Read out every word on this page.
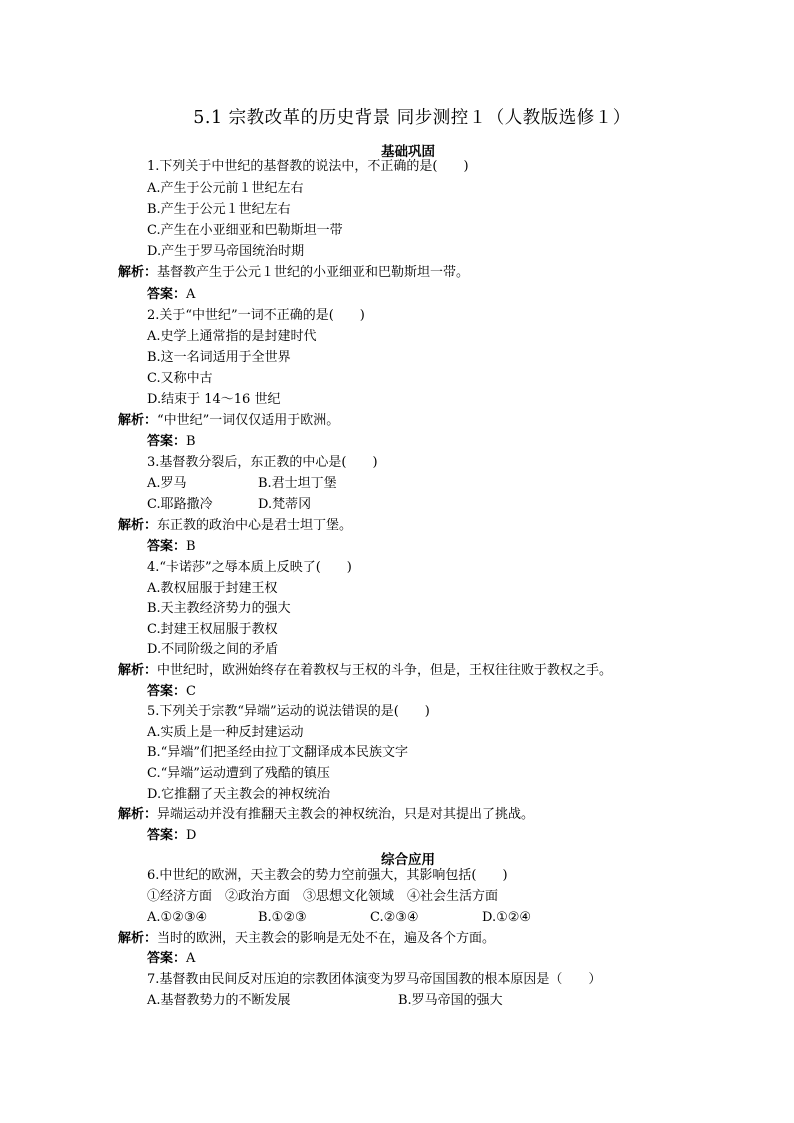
5.1 宗教改革的历史背景 同步测控１（人教版选修１）
基础巩固
1.下列关于中世纪的基督教的说法中，不正确的是(　　)
A.产生于公元前１世纪左右
B.产生于公元１世纪左右
C.产生在小亚细亚和巴勒斯坦一带
D.产生于罗马帝国统治时期
解析：基督教产生于公元１世纪的小亚细亚和巴勒斯坦一带。
答案：A
2.关于“中世纪”一词不正确的是(　　)
A.史学上通常指的是封建时代
B.这一名词适用于全世界
C.又称中古
D.结束于 14～16 世纪
解析：“中世纪”一词仅仅适用于欧洲。
答案：B
3.基督教分裂后，东正教的中心是(　　)
A.罗马	B.君士坦丁堡
C.耶路撒冷	D.梵蒂冈
解析：东正教的政治中心是君士坦丁堡。
答案：B
4.“卡诺莎”之辱本质上反映了(　　)
A.教权屈服于封建王权
B.天主教经济势力的强大
C.封建王权屈服于教权
D.不同阶级之间的矛盾
解析：中世纪时，欧洲始终存在着教权与王权的斗争，但是，王权往往败于教权之手。
答案：C
5.下列关于宗教“异端”运动的说法错误的是(　　)
A.实质上是一种反封建运动
B.“异端”们把圣经由拉丁文翻译成本民族文字
C.“异端”运动遭到了残酷的镇压
D.它推翻了天主教会的神权统治
解析：异端运动并没有推翻天主教会的神权统治，只是对其提出了挑战。
答案：D
综合应用
6.中世纪的欧洲，天主教会的势力空前强大，其影响包括(　　)
①经济方面　②政治方面　③思想文化领域　④社会生活方面
A.①②③④	B.①②③	C.②③④	D.①②④
解析：当时的欧洲，天主教会的影响是无处不在，遍及各个方面。
答案：A
7.基督教由民间反对压迫的宗教团体演变为罗马帝国国教的根本原因是（　　）
A.基督教势力的不断发展	B.罗马帝国的强大
